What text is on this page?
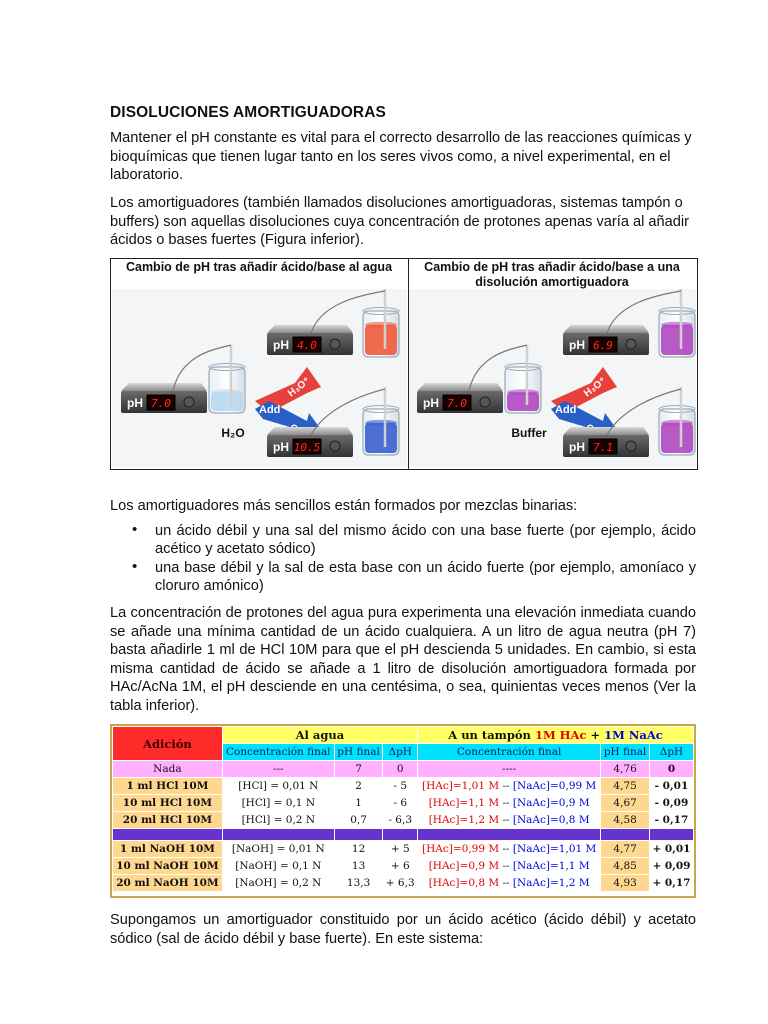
DISOLUCIONES AMORTIGUADORAS

Mantener el pH constante es vital para el correcto desarrollo de las reacciones químicas y bioquímicas que tienen lugar tanto en los seres vivos como, a nivel experimental, en el laboratorio.

Los amortiguadores (también llamados disoluciones amortiguadoras, sistemas tampón o buffers) son aquellas disoluciones cuya concentración de protones apenas varía al añadir ácidos o bases fuertes (Figura inferior).

Cambio de pH tras añadir ácido/base al agua	Cambio de pH tras añadir ácido/base a una disolución amortiguadora
pH 7.0
H₂O
Add
H₃O⁺
pH 4.0
pH 10.5
pH 7.0
Buffer
Add
H₃O⁺
pH 6.9
pH 7.1

Los amortiguadores más sencillos están formados por mezclas binarias:

• un ácido débil y una sal del mismo ácido con una base fuerte (por ejemplo, ácido acético y acetato sódico)
• una base débil y la sal de esta base con un ácido fuerte (por ejemplo, amoníaco y cloruro amónico)

La concentración de protones del agua pura experimenta una elevación inmediata cuando se añade una mínima cantidad de un ácido cualquiera. A un litro de agua neutra (pH 7) basta añadirle 1 ml de HCl 10M para que el pH descienda 5 unidades. En cambio, si esta misma cantidad de ácido se añade a 1 litro de disolución amortiguadora formada por HAc/AcNa 1M, el pH desciende en una centésima, o sea, quinientas veces menos (Ver la tabla inferior).

Adición	Al agua			A un tampón 1M HAc + 1M NaAc		
	Concentración final	pH final	ΔpH	Concentración final	pH final	ΔpH
Nada	---	7	0	----	4,76	0
1 ml HCl 10M	[HCl] = 0,01 N	2	- 5	[HAc]=1,01 M -- [NaAc]=0,99 M	4,75	- 0,01
10 ml HCl 10M	[HCl] = 0,1 N	1	- 6	[HAc]=1,1 M -- [NaAc]=0,9 M	4,67	- 0,09
20 ml HCl 10M	[HCl] = 0,2 N	0,7	- 6,3	[HAc]=1,2 M -- [NaAc]=0,8 M	4,58	- 0,17

1 ml NaOH 10M	[NaOH] = 0,01 N	12	+ 5	[HAc]=0,99 M -- [NaAc]=1,01 M	4,77	+ 0,01
10 ml NaOH 10M	[NaOH] = 0,1 N	13	+ 6	[HAc]=0,9 M -- [NaAc]=1,1 M	4,85	+ 0,09
20 ml NaOH 10M	[NaOH] = 0,2 N	13,3	+ 6,3	[HAc]=0,8 M -- [NaAc]=1,2 M	4,93	+ 0,17

Supongamos un amortiguador constituido por un ácido acético (ácido débil) y acetato sódico (sal de ácido débil y base fuerte). En este sistema:
